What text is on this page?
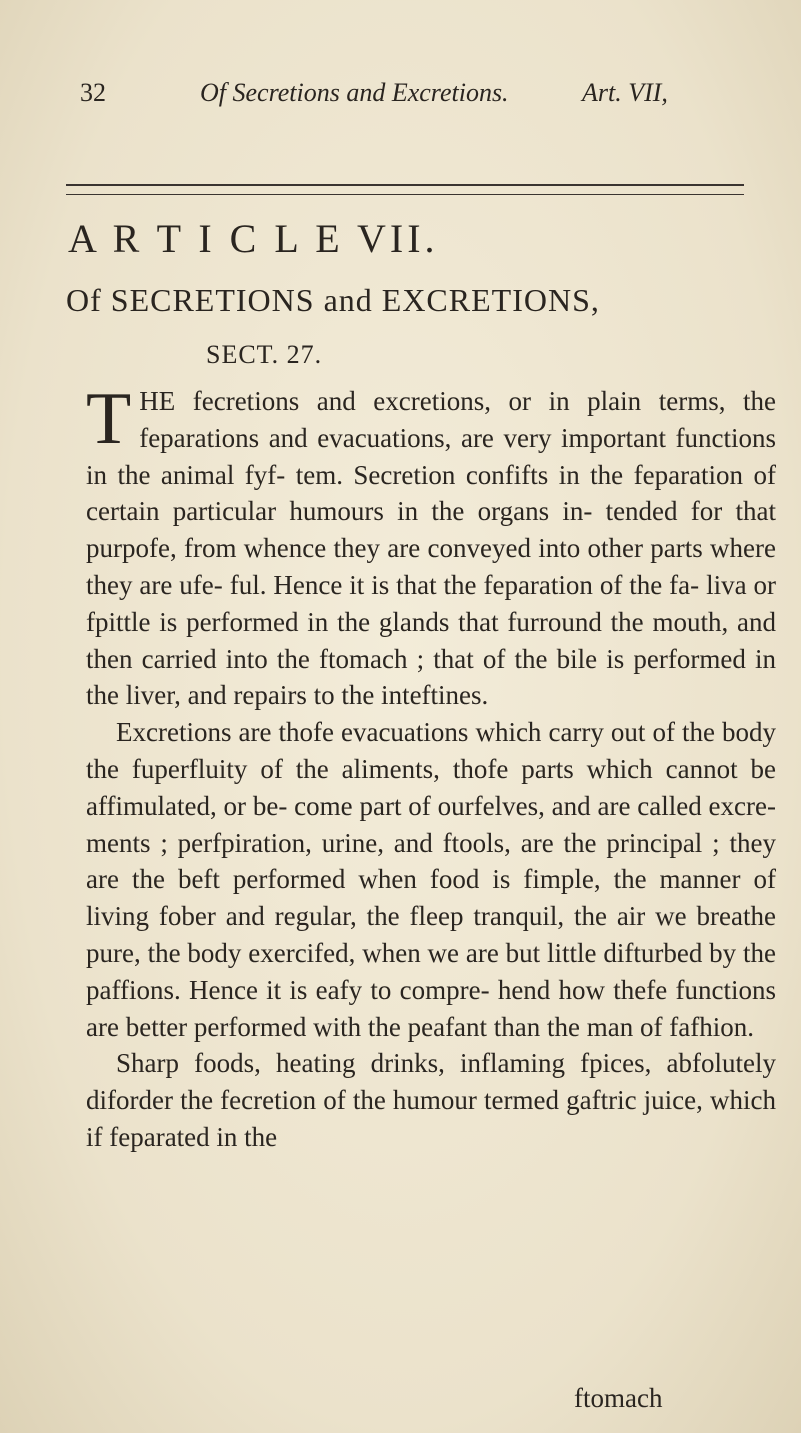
32	Of Secretions and Excretions.	Art. VII,
A R T I C L E VII.
Of SECRETIONS and EXCRETIONS,
SECT. 27.

THE fecretions and excretions, or in plain terms, the feparations and evacuations, are very important functions in the animal fyf- tem. Secretion confifts in the feparation of certain particular humours in the organs in- tended for that purpofe, from whence they are conveyed into other parts where they are ufe- ful. Hence it is that the feparation of the fa- liva or fpittle is performed in the glands that furround the mouth, and then carried into the ftomach ; that of the bile is performed in the liver, and repairs to the inteftines.

Excretions are thofe evacuations which carry out of the body the fuperfluity of the aliments, thofe parts which cannot be affimulated, or be- come part of ourfelves, and are called excre- ments ; perfpiration, urine, and ftools, are the principal ; they are the beft performed when food is fimple, the manner of living fober and regular, the fleep tranquil, the air we breathe pure, the body exercifed, when we are but little difturbed by the paffions. Hence it is eafy to compre- hend how thefe functions are better performed with the peafant than the man of fafhion.

Sharp foods, heating drinks, inflaming fpices, abfolutely diforder the fecretion of the humour termed gaftric juice, which if feparated in the

ftomach
